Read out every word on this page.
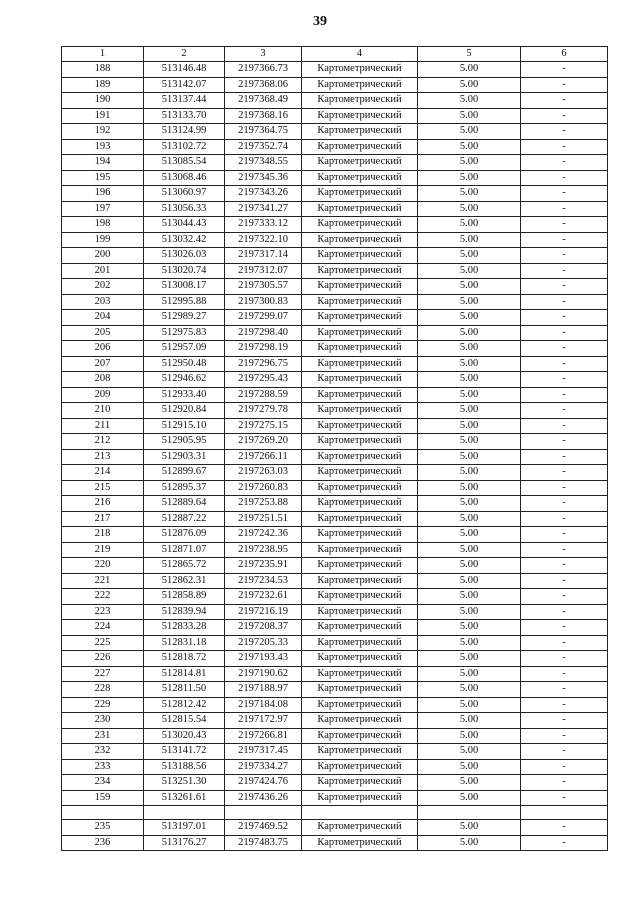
39
1	2	3	4	5	6
188	513146.48	2197366.73	Картометрический	5.00	-
189	513142.07	2197368.06	Картометрический	5.00	-
190	513137.44	2197368.49	Картометрический	5.00	-
191	513133.70	2197368.16	Картометрический	5.00	-
192	513124.99	2197364.75	Картометрический	5.00	-
193	513102.72	2197352.74	Картометрический	5.00	-
194	513085.54	2197348.55	Картометрический	5.00	-
195	513068.46	2197345.36	Картометрический	5.00	-
196	513060.97	2197343.26	Картометрический	5.00	-
197	513056.33	2197341.27	Картометрический	5.00	-
198	513044.43	2197333.12	Картометрический	5.00	-
199	513032.42	2197322.10	Картометрический	5.00	-
200	513026.03	2197317.14	Картометрический	5.00	-
201	513020.74	2197312.07	Картометрический	5.00	-
202	513008.17	2197305.57	Картометрический	5.00	-
203	512995.88	2197300.83	Картометрический	5.00	-
204	512989.27	2197299.07	Картометрический	5.00	-
205	512975.83	2197298.40	Картометрический	5.00	-
206	512957.09	2197298.19	Картометрический	5.00	-
207	512950.48	2197296.75	Картометрический	5.00	-
208	512946.62	2197295.43	Картометрический	5.00	-
209	512933.40	2197288.59	Картометрический	5.00	-
210	512920.84	2197279.78	Картометрический	5.00	-
211	512915.10	2197275.15	Картометрический	5.00	-
212	512905.95	2197269.20	Картометрический	5.00	-
213	512903.31	2197266.11	Картометрический	5.00	-
214	512899.67	2197263.03	Картометрический	5.00	-
215	512895.37	2197260.83	Картометрический	5.00	-
216	512889.64	2197253.88	Картометрический	5.00	-
217	512887.22	2197251.51	Картометрический	5.00	-
218	512876.09	2197242.36	Картометрический	5.00	-
219	512871.07	2197238.95	Картометрический	5.00	-
220	512865.72	2197235.91	Картометрический	5.00	-
221	512862.31	2197234.53	Картометрический	5.00	-
222	512858.89	2197232.61	Картометрический	5.00	-
223	512839.94	2197216.19	Картометрический	5.00	-
224	512833.28	2197208.37	Картометрический	5.00	-
225	512831.18	2197205.33	Картометрический	5.00	-
226	512818.72	2197193.43	Картометрический	5.00	-
227	512814.81	2197190.62	Картометрический	5.00	-
228	512811.50	2197188.97	Картометрический	5.00	-
229	512812.42	2197184.08	Картометрический	5.00	-
230	512815.54	2197172.97	Картометрический	5.00	-
231	513020.43	2197266.81	Картометрический	5.00	-
232	513141.72	2197317.45	Картометрический	5.00	-
233	513188.56	2197334.27	Картометрический	5.00	-
234	513251.30	2197424.76	Картометрический	5.00	-
159	513261.61	2197436.26	Картометрический	5.00	-

235	513197.01	2197469.52	Картометрический	5.00	-
236	513176.27	2197483.75	Картометрический	5.00	-
